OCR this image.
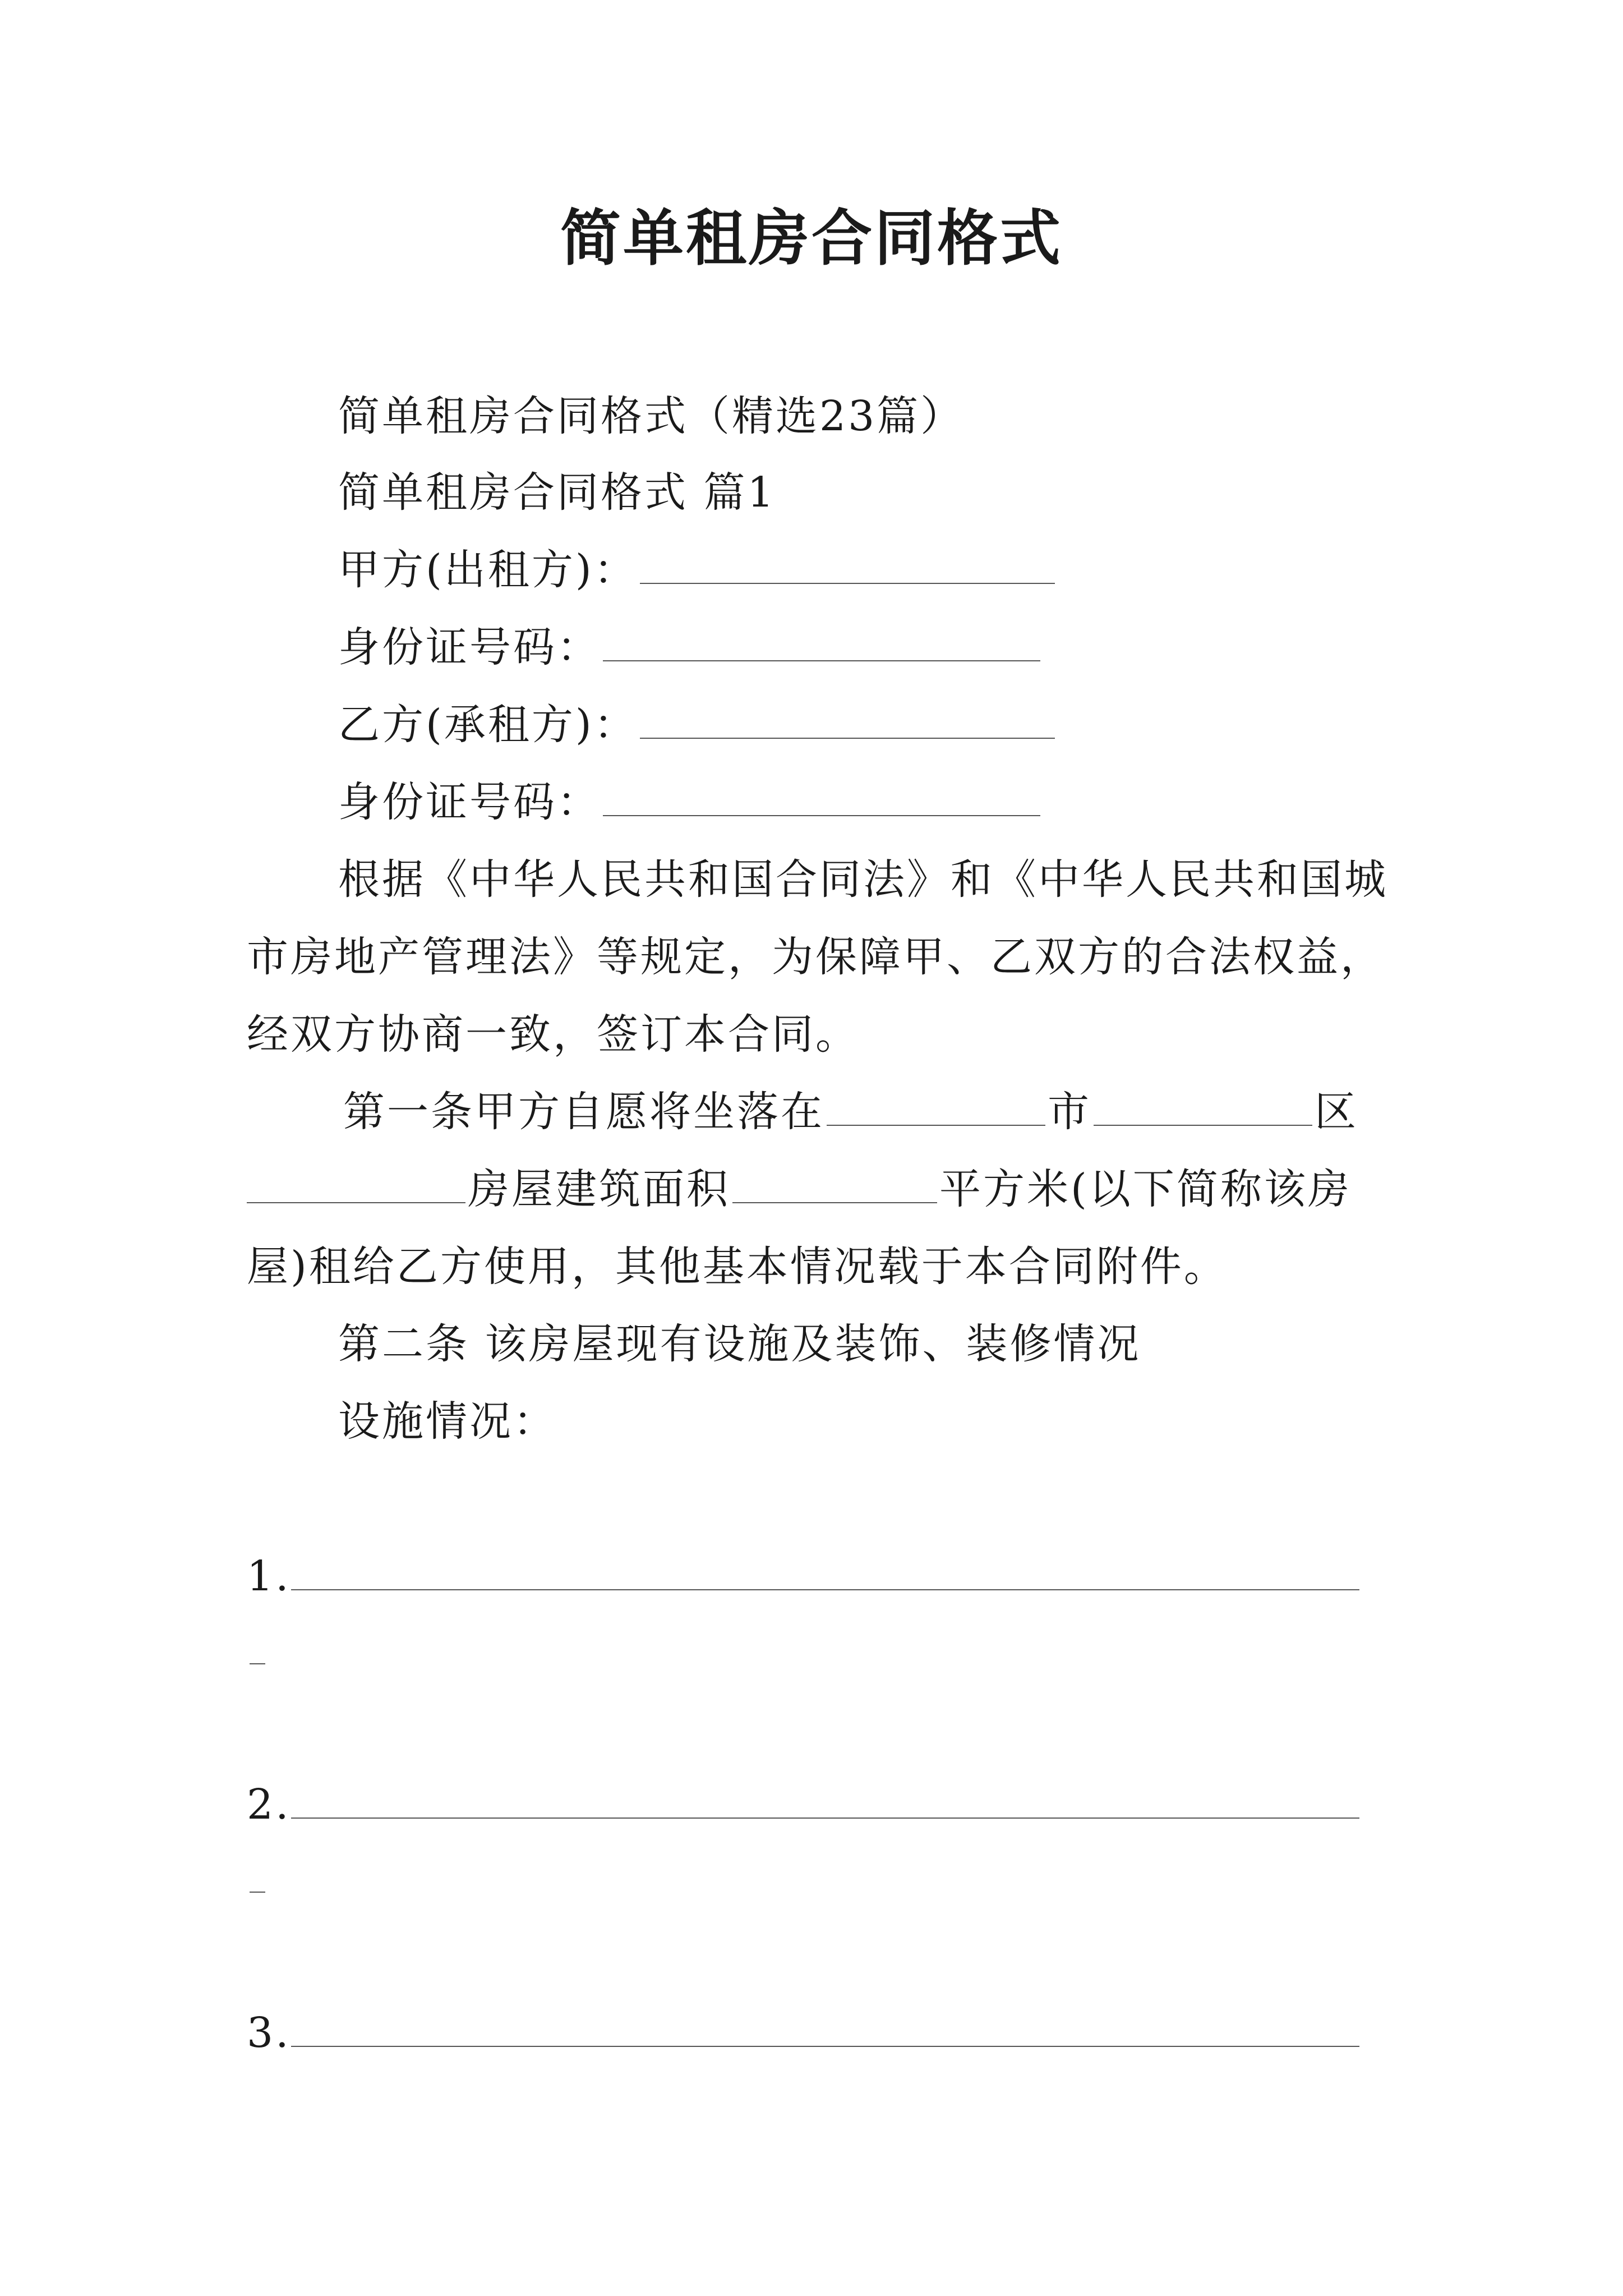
简单租房合同格式
简单租房合同格式（精选23篇）
简单租房合同格式 篇1
甲方(出租方)：
身份证号码：
乙方(承租方)：
身份证号码：
根据《中华人民共和国合同法》和《中华人民共和国城
市房地产管理法》等规定，为保障甲、乙双方的合法权益，
经双方协商一致，签订本合同。
第一条甲方自愿将坐落在	市	区
房屋建筑面积	平方米(以下简称该房
屋)租给乙方使用，其他基本情况载于本合同附件。
第二条 该房屋现有设施及装饰、装修情况
设施情况：
1.
2.
3.
